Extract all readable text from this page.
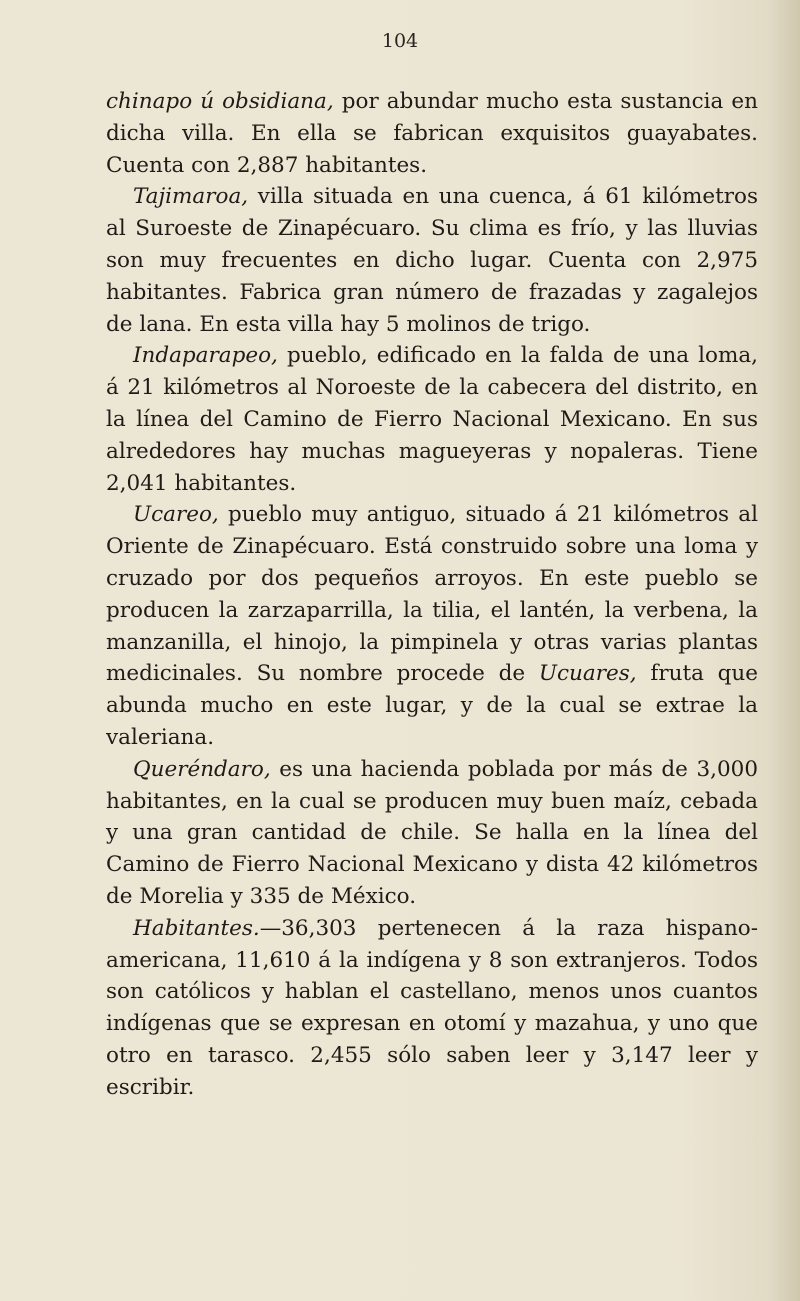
104

chinapo ú obsidiana, por abundar mucho esta sustancia en dicha villa. En ella se fabrican exquisitos guayabates. Cuenta con 2,887 habitantes.

Tajimaroa, villa situada en una cuenca, á 61 kilómetros al Suroeste de Zinapécuaro. Su clima es frío, y las lluvias son muy frecuentes en dicho lugar. Cuenta con 2,975 habitantes. Fabrica gran número de frazadas y zagalejos de lana. En esta villa hay 5 molinos de trigo.

Indaparapeo, pueblo, edificado en la falda de una loma, á 21 kilómetros al Noroeste de la cabecera del distrito, en la línea del Camino de Fierro Nacional Mexicano. En sus alrededores hay muchas magueyeras y nopaleras. Tiene 2,041 habitantes.

Ucareo, pueblo muy antiguo, situado á 21 kilómetros al Oriente de Zinapécuaro. Está construido sobre una loma y cruzado por dos pequeños arroyos. En este pueblo se producen la zarzaparrilla, la tilia, el lantén, la verbena, la manzanilla, el hinojo, la pimpinela y otras varias plantas medicinales. Su nombre procede de Ucuares, fruta que abunda mucho en este lugar, y de la cual se extrae la valeriana.

Queréndaro, es una hacienda poblada por más de 3,000 habitantes, en la cual se producen muy buen maíz, cebada y una gran cantidad de chile. Se halla en la línea del Camino de Fierro Nacional Mexicano y dista 42 kilómetros de Morelia y 335 de México.

Habitantes.—36,303 pertenecen á la raza hispano-americana, 11,610 á la indígena y 8 son extranjeros. Todos son católicos y hablan el castellano, menos unos cuantos indígenas que se expresan en otomí y mazahua, y uno que otro en tarasco. 2,455 sólo saben leer y 3,147 leer y escribir.
